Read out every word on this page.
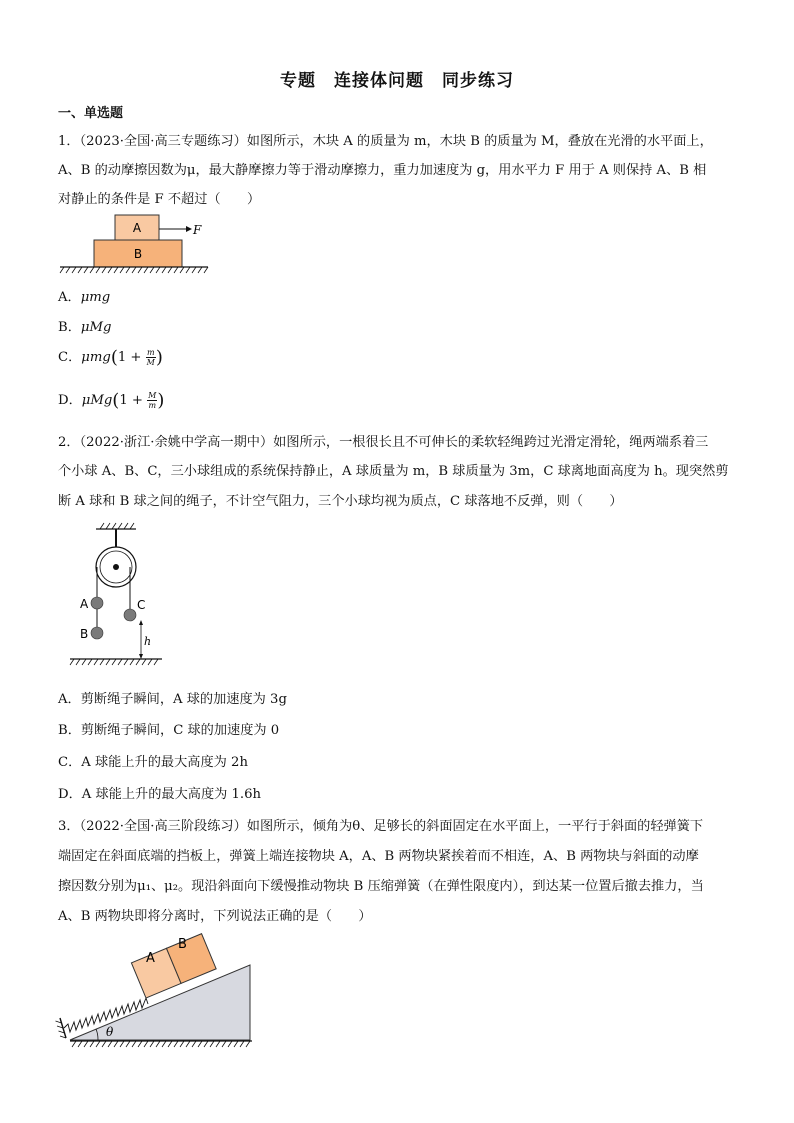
专题　连接体问题　同步练习
一、单选题
1．（2023·全国·高三专题练习）如图所示，木块 A 的质量为 m，木块 B 的质量为 M，叠放在光滑的水平面上，
A、B 的动摩擦因数为μ，最大静摩擦力等于滑动摩擦力，重力加速度为 g，用水平力 F 用于 A 则保持 A、B 相
对静止的条件是 F 不超过（　　）
A
B
F
A．μmg
B．μMg
C．$\mu mg(1 + \frac{m}{M}$ )
D．$\mu Mg(1 + \frac{M}{m}$ )
2．（2022·浙江·余姚中学高一期中）如图所示，一根很长且不可伸长的柔软轻绳跨过光滑定滑轮，绳两端系着三
个小球 A、B、C，三小球组成的系统保持静止，A 球质量为 m，B 球质量为 3m，C 球离地面高度为 h。现突然剪
断 A 球和 B 球之间的绳子，不计空气阻力，三个小球均视为质点，C 球落地不反弹，则（　　）
A
B
C
h
A．剪断绳子瞬间，A 球的加速度为 3g
B．剪断绳子瞬间，C 球的加速度为 0
C．A 球能上升的最大高度为 2h
D．A 球能上升的最大高度为 1.6h
3．（2022·全国·高三阶段练习）如图所示，倾角为θ、足够长的斜面固定在水平面上，一平行于斜面的轻弹簧下
端固定在斜面底端的挡板上，弹簧上端连接物块 A，A、B 两物块紧挨着而不相连，A、B 两物块与斜面的动摩
擦因数分别为μ₁、μ₂。现沿斜面向下缓慢推动物块 B 压缩弹簧（在弹性限度内），到达某一位置后撤去推力，当
A、B 两物块即将分离时，下列说法正确的是（　　）
A
B
θ
